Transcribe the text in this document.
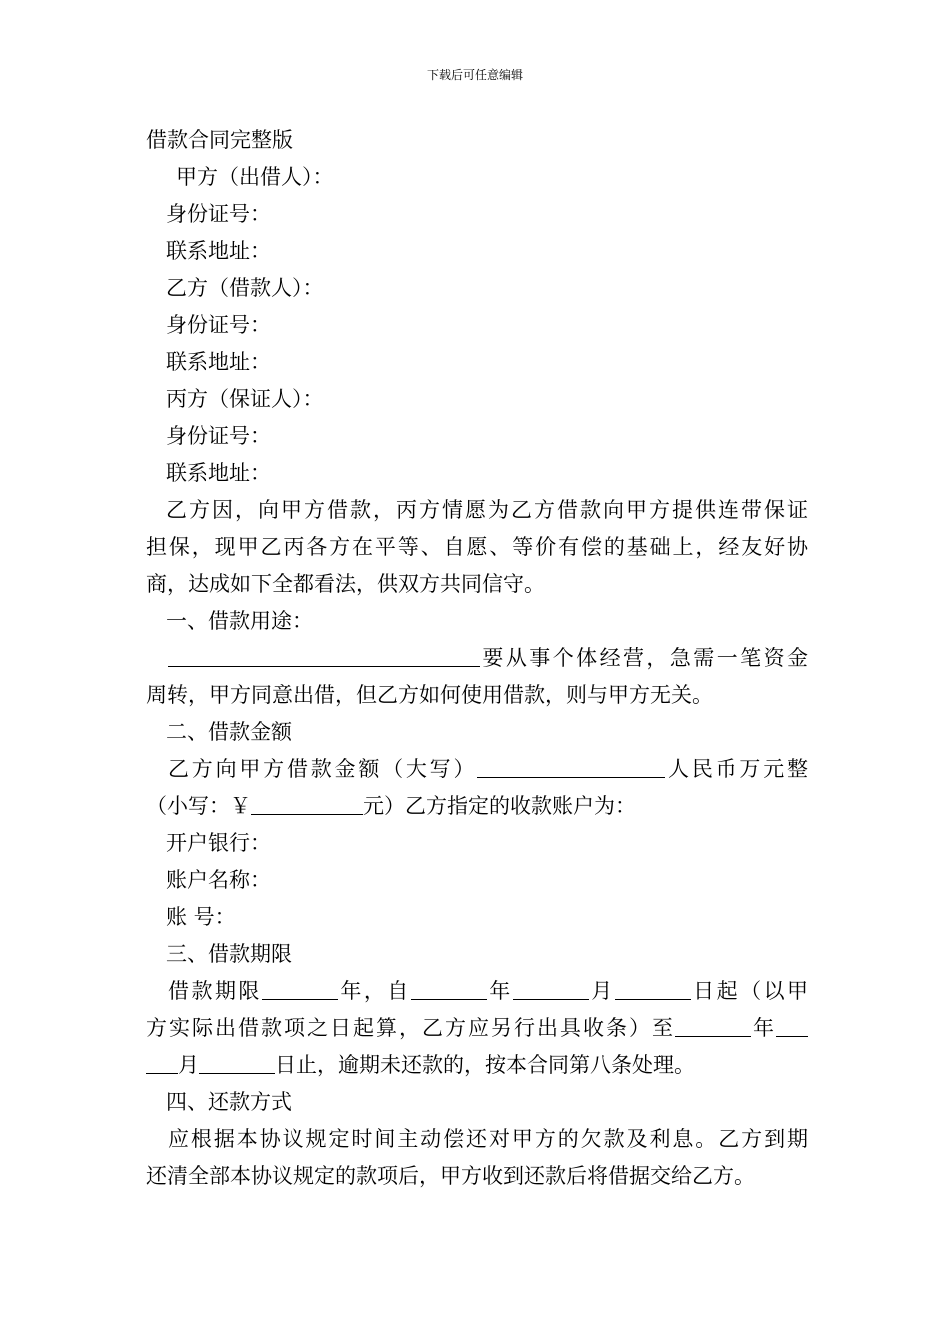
下载后可任意编辑
借款合同完整版
甲方（出借人）：
身份证号：
联系地址：
乙方（借款人）：
身份证号：
联系地址：
丙方（保证人）：
身份证号：
联系地址：
乙方因，向甲方借款，丙方情愿为乙方借款向甲方提供连带保证
担保，现甲乙丙各方在平等、自愿、等价有偿的基础上，经友好协
商，达成如下全都看法，供双方共同信守。
一、借款用途：
要从事个体经营，急需一笔资金
周转，甲方同意出借，但乙方如何使用借款，则与甲方无关。
二、借款金额
乙方向甲方借款金额（大写）	人民币万元整
（小写：￥	元）乙方指定的收款账户为：
开户银行：
账户名称：
账 号：
三、借款期限
借款期限	年，自	年	月	日起（以甲
方实际出借款项之日起算，乙方应另行出具收条）至	年
月	日止，逾期未还款的，按本合同第八条处理。
四、还款方式
应根据本协议规定时间主动偿还对甲方的欠款及利息。乙方到期
还清全部本协议规定的款项后，甲方收到还款后将借据交给乙方。
